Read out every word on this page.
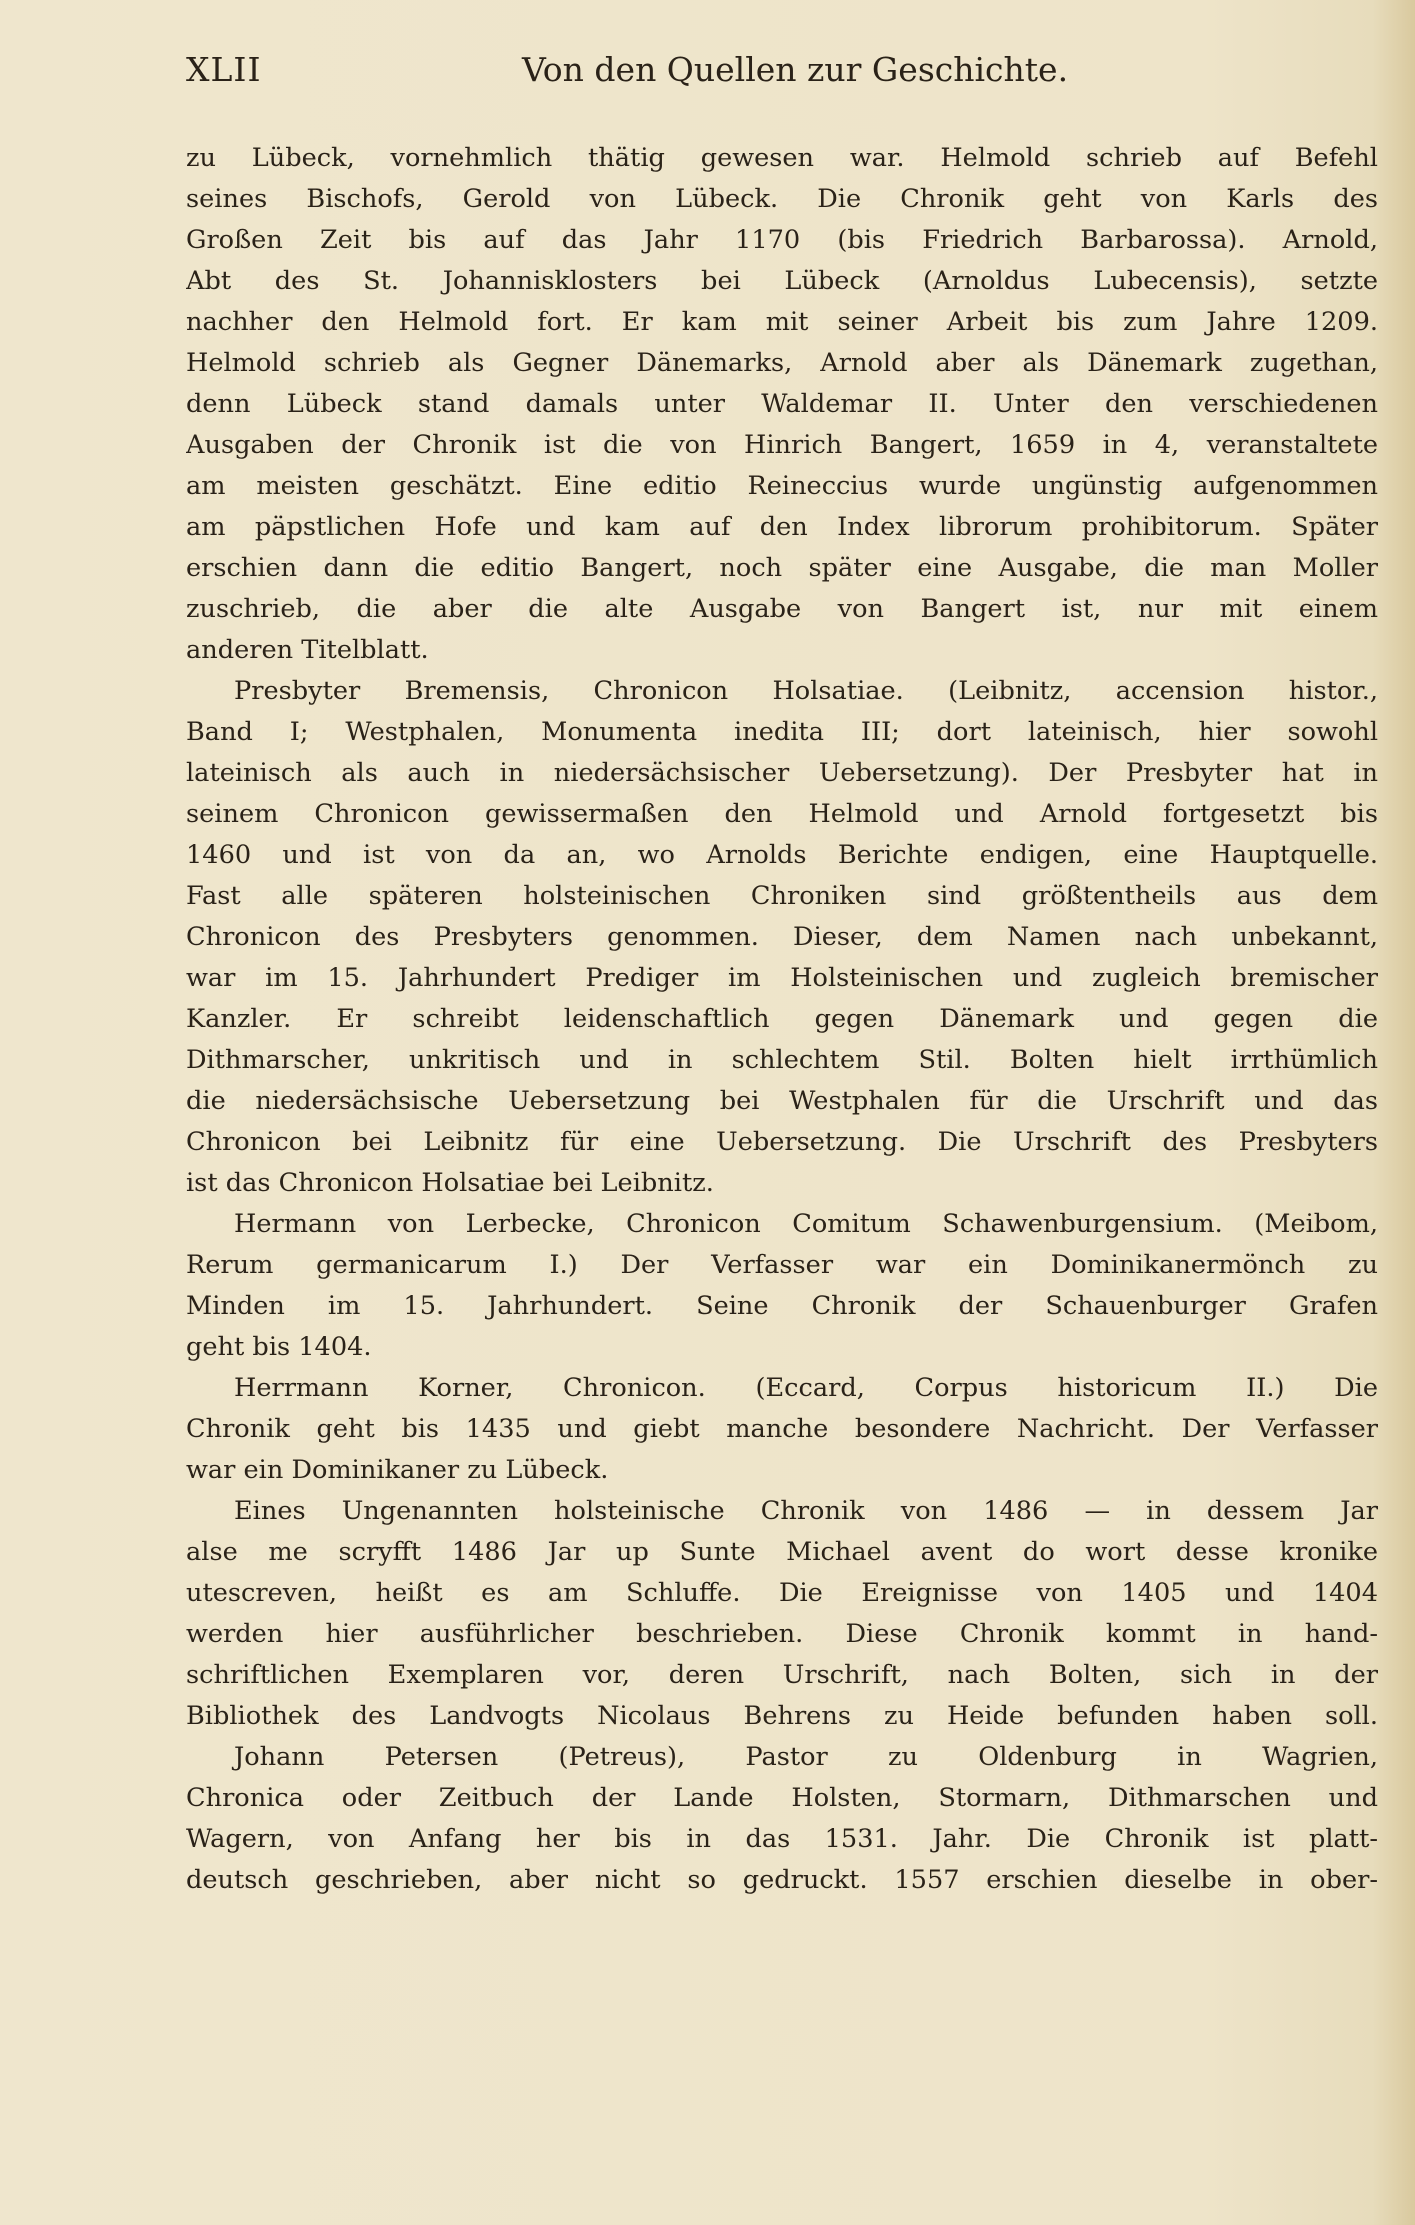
XLII	Von den Quellen zur Geschichte.
zu Lübeck, vornehmlich thätig gewesen war. Helmold schrieb auf Befehl
seines Bischofs, Gerold von Lübeck. Die Chronik geht von Karls des
Großen Zeit bis auf das Jahr 1170 (bis Friedrich Barbarossa). Arnold,
Abt des St. Johannisklosters bei Lübeck (Arnoldus Lubecensis), setzte
nachher den Helmold fort. Er kam mit seiner Arbeit bis zum Jahre 1209.
Helmold schrieb als Gegner Dänemarks, Arnold aber als Dänemark zugethan,
denn Lübeck stand damals unter Waldemar II. Unter den verschiedenen
Ausgaben der Chronik ist die von Hinrich Bangert, 1659 in 4, veranstaltete
am meisten geschätzt. Eine editio Reineccius wurde ungünstig aufgenommen
am päpstlichen Hofe und kam auf den Index librorum prohibitorum. Später
erschien dann die editio Bangert, noch später eine Ausgabe, die man Moller
zuschrieb, die aber die alte Ausgabe von Bangert ist, nur mit einem
anderen Titelblatt.
Presbyter Bremensis, Chronicon Holsatiae. (Leibnitz, accension histor.,
Band I; Westphalen, Monumenta inedita III; dort lateinisch, hier sowohl
lateinisch als auch in niedersächsischer Uebersetzung). Der Presbyter hat in
seinem Chronicon gewissermaßen den Helmold und Arnold fortgesetzt bis
1460 und ist von da an, wo Arnolds Berichte endigen, eine Hauptquelle.
Fast alle späteren holsteinischen Chroniken sind größtentheils aus dem
Chronicon des Presbyters genommen. Dieser, dem Namen nach unbekannt,
war im 15. Jahrhundert Prediger im Holsteinischen und zugleich bremischer
Kanzler. Er schreibt leidenschaftlich gegen Dänemark und gegen die
Dithmarscher, unkritisch und in schlechtem Stil. Bolten hielt irrthümlich
die niedersächsische Uebersetzung bei Westphalen für die Urschrift und das
Chronicon bei Leibnitz für eine Uebersetzung. Die Urschrift des Presbyters
ist das Chronicon Holsatiae bei Leibnitz.
Hermann von Lerbecke, Chronicon Comitum Schawenburgensium. (Meibom,
Rerum germanicarum I.) Der Verfasser war ein Dominikanermönch zu
Minden im 15. Jahrhundert. Seine Chronik der Schauenburger Grafen
geht bis 1404.
Herrmann Korner, Chronicon. (Eccard, Corpus historicum II.) Die
Chronik geht bis 1435 und giebt manche besondere Nachricht. Der Verfasser
war ein Dominikaner zu Lübeck.
Eines Ungenannten holsteinische Chronik von 1486 — in dessem Jar
alse me scryfft 1486 Jar up Sunte Michael avent do wort desse kronike
utescreven, heißt es am Schluffe. Die Ereignisse von 1405 und 1404
werden hier ausführlicher beschrieben. Diese Chronik kommt in hand-
schriftlichen Exemplaren vor, deren Urschrift, nach Bolten, sich in der
Bibliothek des Landvogts Nicolaus Behrens zu Heide befunden haben soll.
Johann Petersen (Petreus), Pastor zu Oldenburg in Wagrien,
Chronica oder Zeitbuch der Lande Holsten, Stormarn, Dithmarschen und
Wagern, von Anfang her bis in das 1531. Jahr. Die Chronik ist platt-
deutsch geschrieben, aber nicht so gedruckt. 1557 erschien dieselbe in ober-
